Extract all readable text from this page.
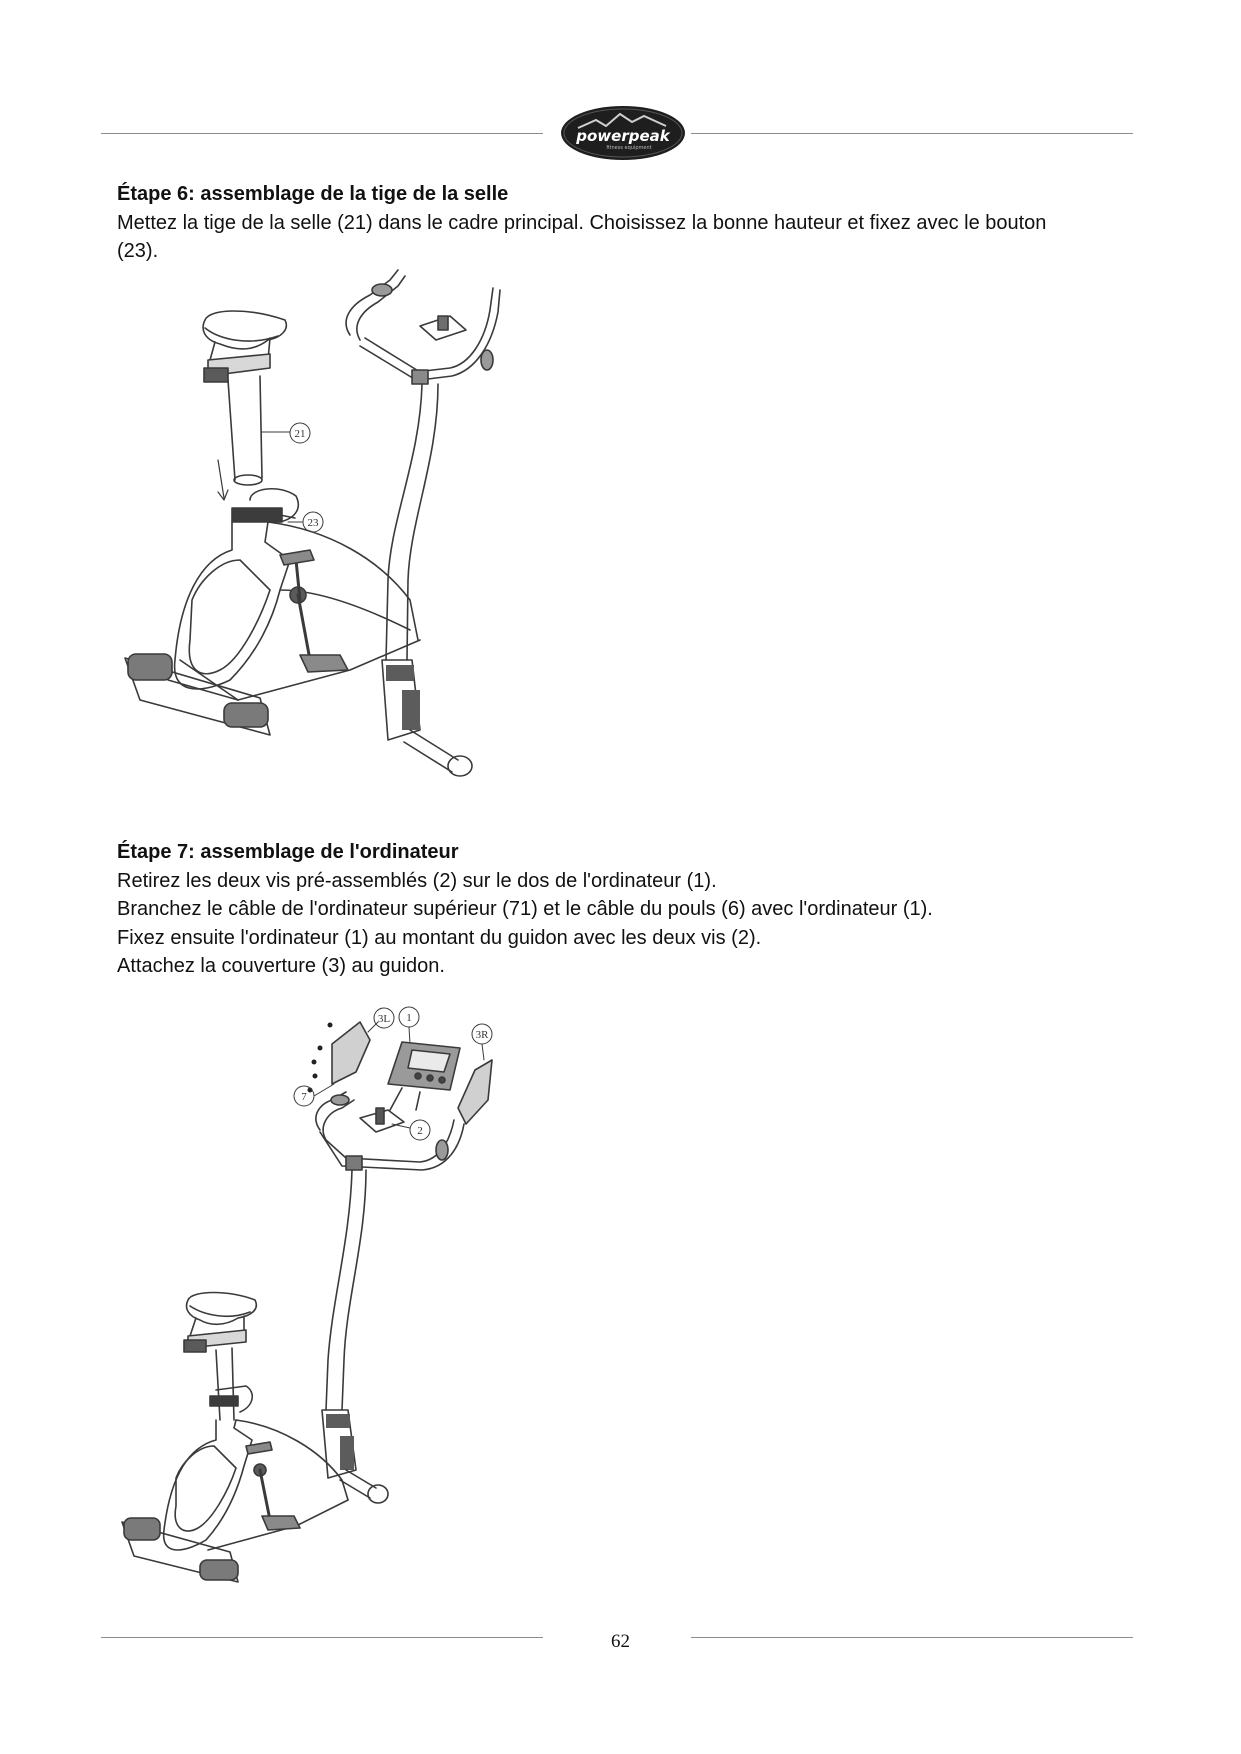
powerpeak
fitness equipment

Étape 6: assemblage de la tige de la selle

Mettez la tige de la selle (21) dans le cadre principal. Choisissez la bonne hauteur et fixez avec le bouton

(23).

21
23

Étape 7: assemblage de l'ordinateur

Retirez les deux vis pré-assemblés (2) sur le dos de l'ordinateur (1).

Branchez le câble de l'ordinateur supérieur (71) et le câble du pouls (6) avec l'ordinateur (1).

Fixez ensuite l'ordinateur (1) au montant du guidon avec les deux vis (2).

Attachez la couverture (3) au guidon.

3L 1
3R
7
2
62
